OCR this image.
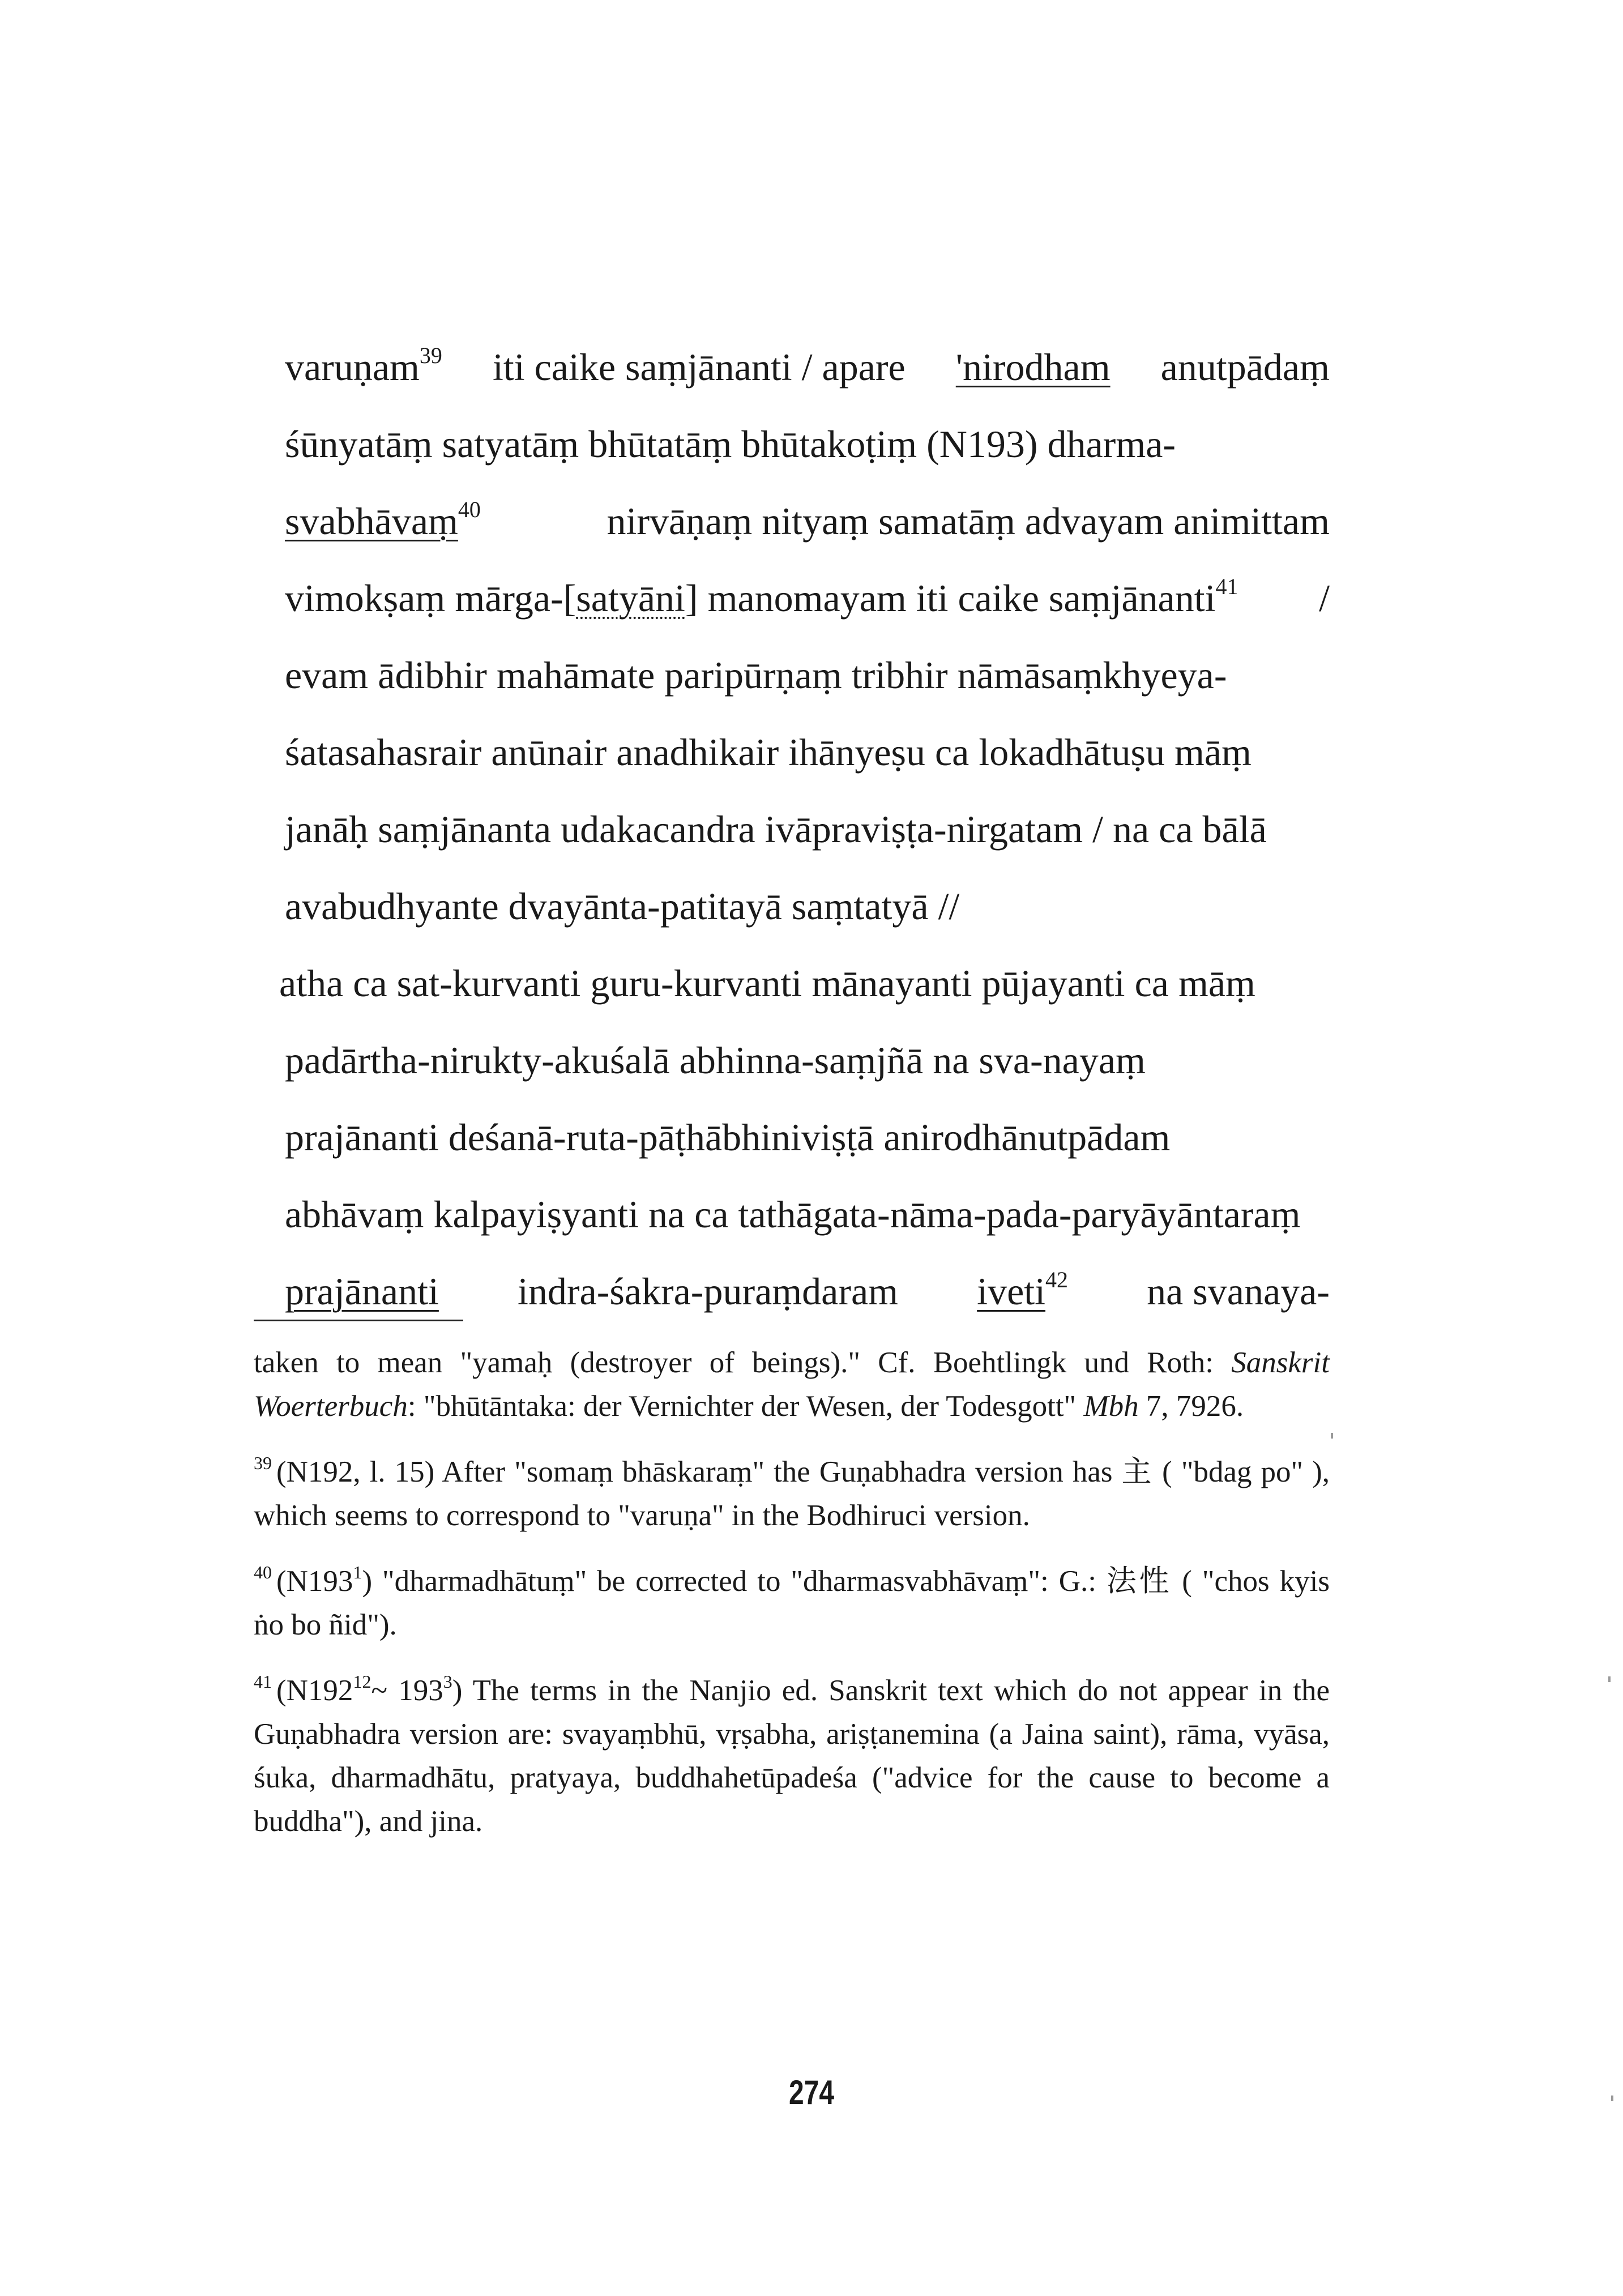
varuṇam$^{39}$ iti caike saṃjānanti / apare 'nirodham anutpādaṃ
śūnyatāṃ satyatāṃ bhūtatāṃ bhūtakoṭiṃ (N193) dharma-
svabhāvaṃ$^{40}$	nirvāṇaṃ nityaṃ samatāṃ advayam animittam
vimokṣaṃ mārga-[satyāni] manomayam iti caike saṃjānanti$^{41}$ /
evam ādibhir mahāmate paripūrṇaṃ tribhir nāmāsaṃkhyeya-
śatasahasrair anūnair anadhikair ihānyeṣu ca lokadhātuṣu māṃ
janāḥ saṃjānanta udakacandra ivāpraviṣṭa-nirgatam / na ca bālā
avabudhyante dvayānta-patitayā saṃtatyā //
atha ca sat-kurvanti guru-kurvanti mānayanti pūjayanti ca māṃ
padārtha-nirukty-akuśalā abhinna-saṃjñā na sva-nayaṃ
prajānanti deśanā-ruta-pāṭhābhiniviṣṭā anirodhānutpādam
abhāvaṃ kalpayiṣyanti na ca tathāgata-nāma-pada-paryāyāntaraṃ
prajānanti indra-śakra-puraṃdaram iveti$^{42}$ na svanaya-

taken to mean "yamaḥ (destroyer of beings)." Cf. Boehtlingk und Roth: Sanskrit Woerterbuch: "bhūtāntaka: der Vernichter der Wesen, der Todesgott" Mbh 7, 7926.

$^{39}$ (N192, l. 15) After "somaṃ bhāskaraṃ" the Guṇabhadra version has 主 ( "bdag po" ), which seems to correspond to "varuṇa" in the Bodhiruci version.

$^{40}$ $(N193^1)$ "dharmadhātuṃ" be corrected to "dharmasvabhāvaṃ": G.: 法性 ( "chos kyis ṅo bo ñid").

$^{41}$ ($N192^{12}\sim$ $193^3$) The terms in the Nanjio ed. Sanskrit text which do not appear in the Guṇabhadra version are: svayaṃbhū, vṛṣabha, ariṣṭanemina (a Jaina saint), rāma, vyāsa, śuka, dharmadhātu, pratyaya, buddhahetūpadeśa ("advice for the cause to become a buddha"), and jina.

274
